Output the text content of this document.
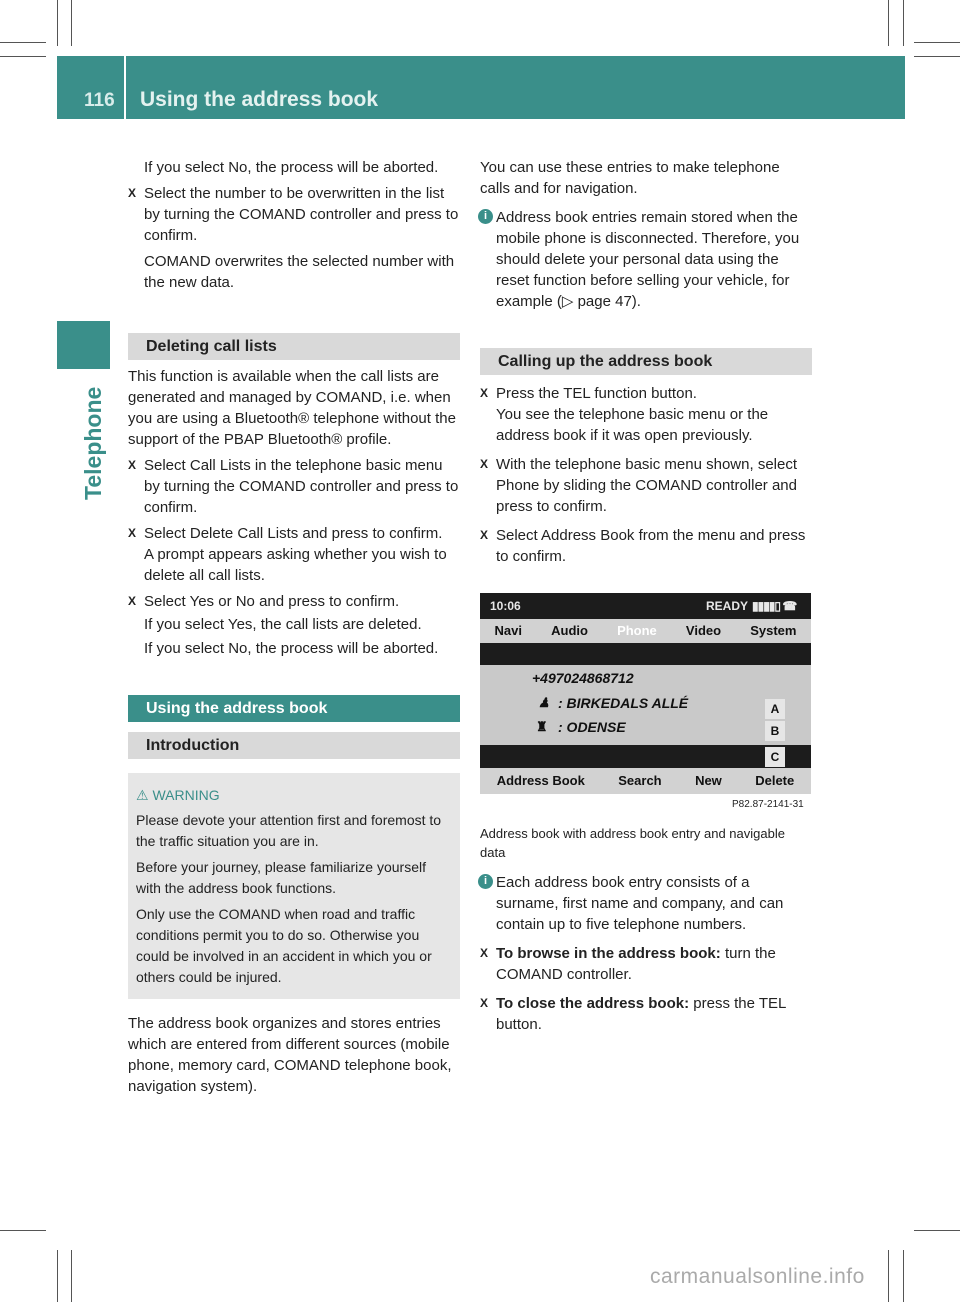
116 Using the address book
Telephone

If you select No, the process will be aborted.

X Select the number to be overwritten in the list by turning the COMAND controller and press to confirm.

COMAND overwrites the selected number with the new data.

Deleting call lists

This function is available when the call lists are generated and managed by COMAND, i.e. when you are using a Bluetooth® telephone without the support of the PBAP Bluetooth® profile.

X Select Call Lists in the telephone basic menu by turning the COMAND controller and press to confirm.

X Select Delete Call Lists and press to confirm.

A prompt appears asking whether you wish to delete all call lists.

X Select Yes or No and press to confirm.

If you select Yes, the call lists are deleted.

If you select No, the process will be aborted.

Using the address book
Introduction
⚠ WARNING

Please devote your attention first and foremost to the traffic situation you are in.

Before your journey, please familiarize yourself with the address book functions.

Only use the COMAND when road and traffic conditions permit you to do so. Otherwise you could be involved in an accident in which you or others could be injured.

The address book organizes and stores entries which are entered from different sources (mobile phone, memory card, COMAND telephone book, navigation system).

You can use these entries to make telephone calls and for navigation.

i Address book entries remain stored when the mobile phone is disconnected. Therefore, you should delete your personal data using the reset function before selling your vehicle, for example (▷ page 47).
Calling up the address book

X Press the TEL function button.

You see the telephone basic menu or the address book if it was open previously.

X With the telephone basic menu shown, select Phone by sliding the COMAND controller and press to confirm.

X Select Address Book from the menu and press to confirm.

10:06	READY ▮▮▮▮▯ ☎
Navi Audio Phone Video System
+497024868712
♟ : BIRKEDALS ALLÉ
♜ : ODENSE
A
B
C
Address Book	Search	New	Delete
P82.87-2141-31
Address book with address book entry and navigable data
i Each address book entry consists of a surname, first name and company, and can contain up to five telephone numbers.

X To browse in the address book: turn the COMAND controller.

X To close the address book: press the TEL button.

carmanualsonline.info
